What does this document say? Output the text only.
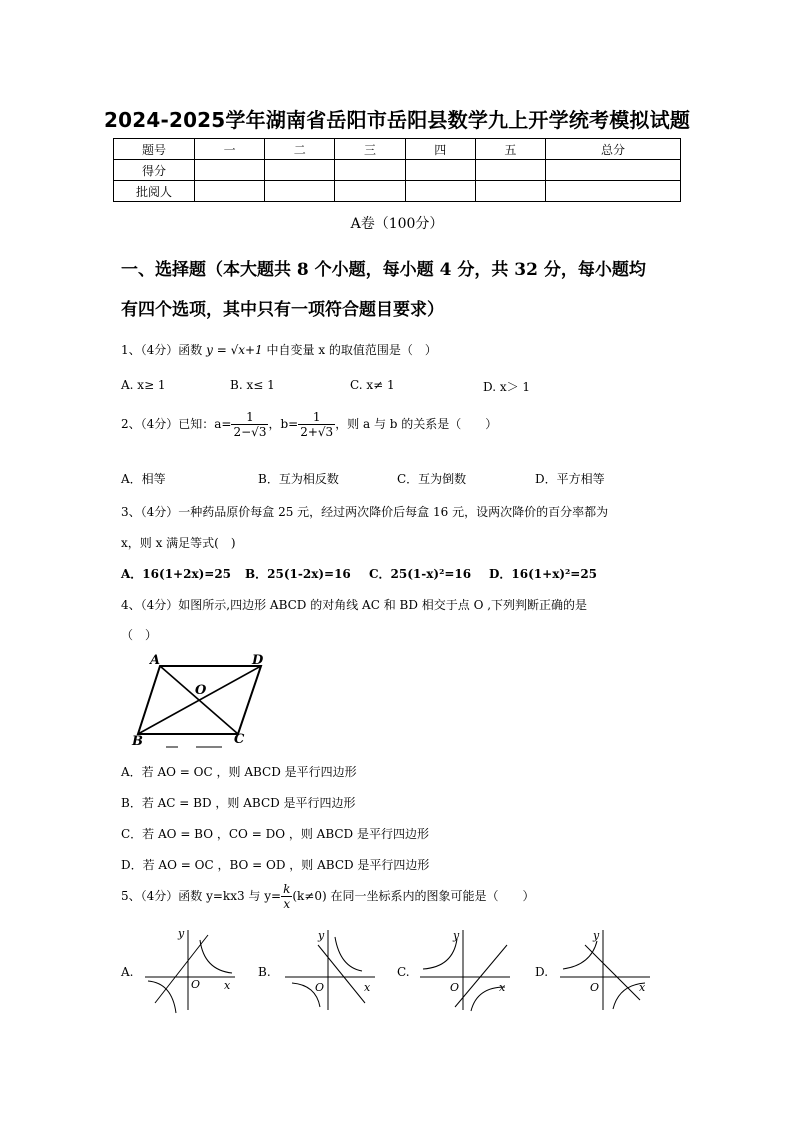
2024-2025学年湖南省岳阳市岳阳县数学九上开学统考模拟试题
题号	一	二	三	四	五	总分
得分						
批阅人						
A卷（100分）
一、选择题（本大题共 8 个小题，每小题 4 分，共 32 分，每小题均
有四个选项，其中只有一项符合题目要求）
1、（4分）函数 y = √x+1 中自变量 x 的取值范围是（　）
A. x≥ 1	B. x≤ 1	C. x≠ 1	D. x＞ 1
2、（4分）已知：$a= \frac{1}{2-√3}$ ，$b= \frac{1}{2+√3}$ ，则 a 与 b 的关系是（　　）
A．相等	B．互为相反数	C．互为倒数	D．平方相等
3、（4分）一种药品原价每盒 25 元，经过两次降价后每盒 16 元，设两次降价的百分率都为
x，则 x 满足等式(　)
A．16(1+2x)=25 B．25(1-2x)=16 C．25(1-x)²=16 D．16(1+x)²=25
4、（4分）如图所示,四边形 ABCD 的对角线 AC 和 BD 相交于点 O ,下列判断正确的是
（　）
A	D
O
B	C
A．若 AO = OC ，则 ABCD 是平行四边形
B．若 AC = BD ，则 ABCD 是平行四边形
C．若 AO = BO ，CO = DO ，则 ABCD 是平行四边形
D．若 AO = OC ，BO = OD ，则 ABCD 是平行四边形
5、（4分）函数 y=kx3 与 $y= \frac{k}{x} (k\ne 0)$ 在同一坐标系内的图象可能是（　　）
A.
y
x
O
B.
y
x
O
C.
y
x
O
D.
y
x
O
